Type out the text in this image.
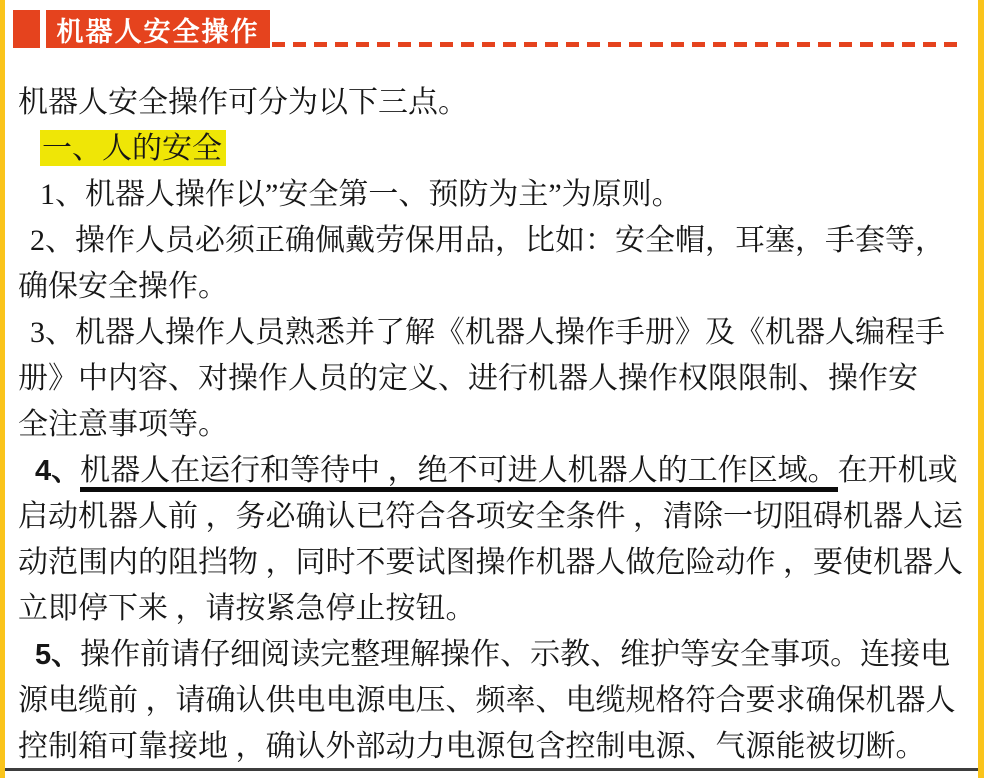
机器人安全操作
机器人安全操作可分为以下三点。
一、人的安全
1、机器人操作以”安全第一、预防为主”为原则。
2、操作人员必须正确佩戴劳保用品，比如：安全帽，耳塞，手套等，
确保安全操作。
3、机器人操作人员熟悉并了解《机器人操作手册》及《机器人编程手
册》中内容、对操作人员的定义、进行机器人操作权限限制、操作安
全注意事项等。
4、机器人在运行和等待中 ，绝不可进人机器人的工作区域。在开机或
启动机器人前 ，务必确认已符合各项安全条件 ，清除一切阻碍机器人运
动范围内的阻挡物 ，同时不要试图操作机器人做危险动作 ，要使机器人
立即停下来 ，请按紧急停止按钮。
5、操作前请仔细阅读完整理解操作、示教、维护等安全事项。连接电
源电缆前 ，请确认供电电源电压、频率、电缆规格符合要求确保机器人
控制箱可靠接地 ，确认外部动力电源包含控制电源、气源能被切断。
